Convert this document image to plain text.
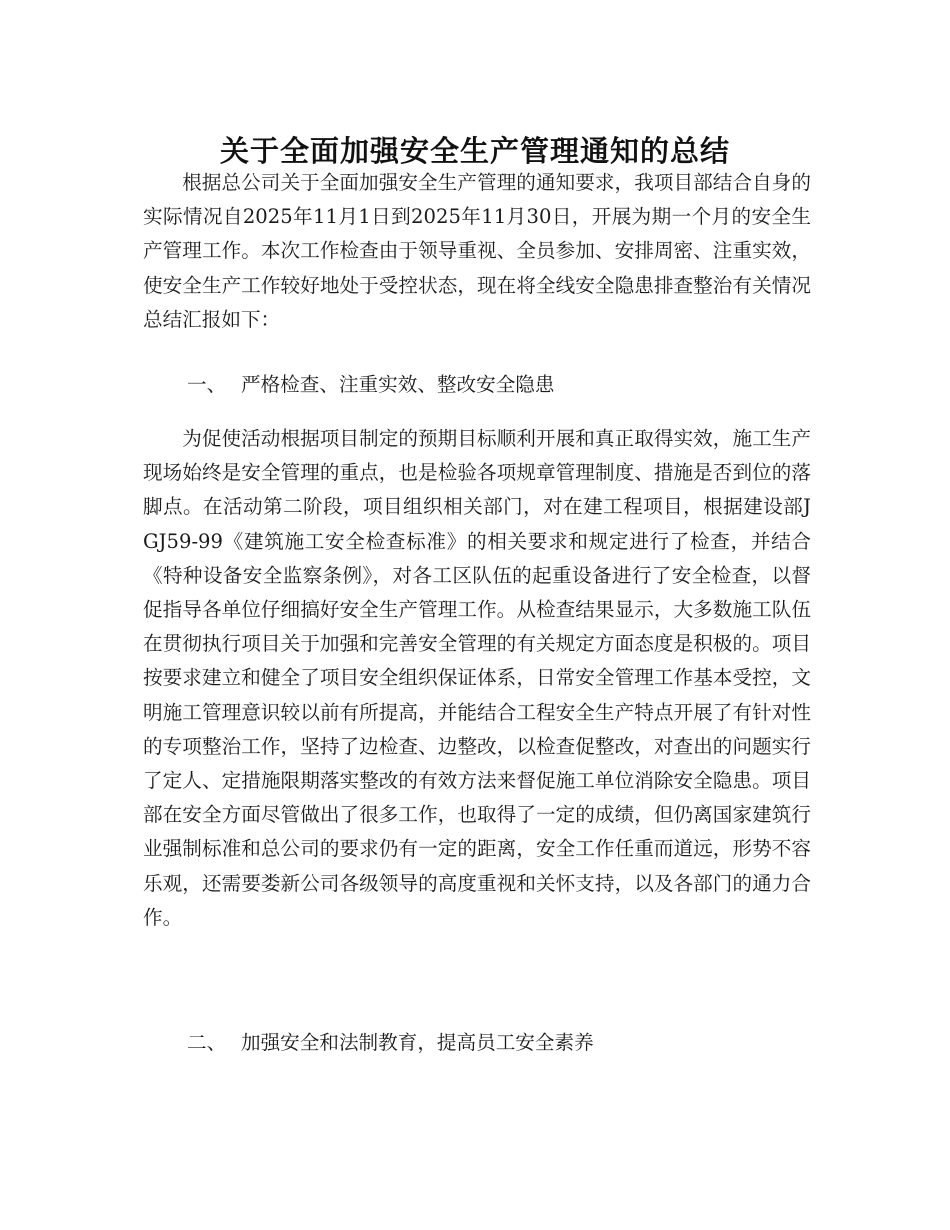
关于全面加强安全生产管理通知的总结

根据总公司关于全面加强安全生产管理的通知要求，我项目部结合自身的实际情况自2025年11月1日到2025年11月30日，开展为期一个月的安全生产管理工作。本次工作检查由于领导重视、全员参加、安排周密、注重实效，使安全生产工作较好地处于受控状态，现在将全线安全隐患排查整治有关情况总结汇报如下：

一、 严格检查、注重实效、整改安全隐患

为促使活动根据项目制定的预期目标顺利开展和真正取得实效，施工生产现场始终是安全管理的重点，也是检验各项规章管理制度、措施是否到位的落脚点。在活动第二阶段，项目组织相关部门，对在建工程项目，根据建设部JGJ59-99《建筑施工安全检查标准》的相关要求和规定进行了检查，并结合《特种设备安全监察条例》，对各工区队伍的起重设备进行了安全检查，以督促指导各单位仔细搞好安全生产管理工作。从检查结果显示，大多数施工队伍在贯彻执行项目关于加强和完善安全管理的有关规定方面态度是积极的。项目按要求建立和健全了项目安全组织保证体系，日常安全管理工作基本受控，文明施工管理意识较以前有所提高，并能结合工程安全生产特点开展了有针对性的专项整治工作，坚持了边检查、边整改，以检查促整改，对查出的问题实行了定人、定措施限期落实整改的有效方法来督促施工单位消除安全隐患。项目部在安全方面尽管做出了很多工作，也取得了一定的成绩，但仍离国家建筑行业强制标准和总公司的要求仍有一定的距离，安全工作任重而道远，形势不容乐观，还需要娄新公司各级领导的高度重视和关怀支持，以及各部门的通力合作。

二、 加强安全和法制教育，提高员工安全素养
